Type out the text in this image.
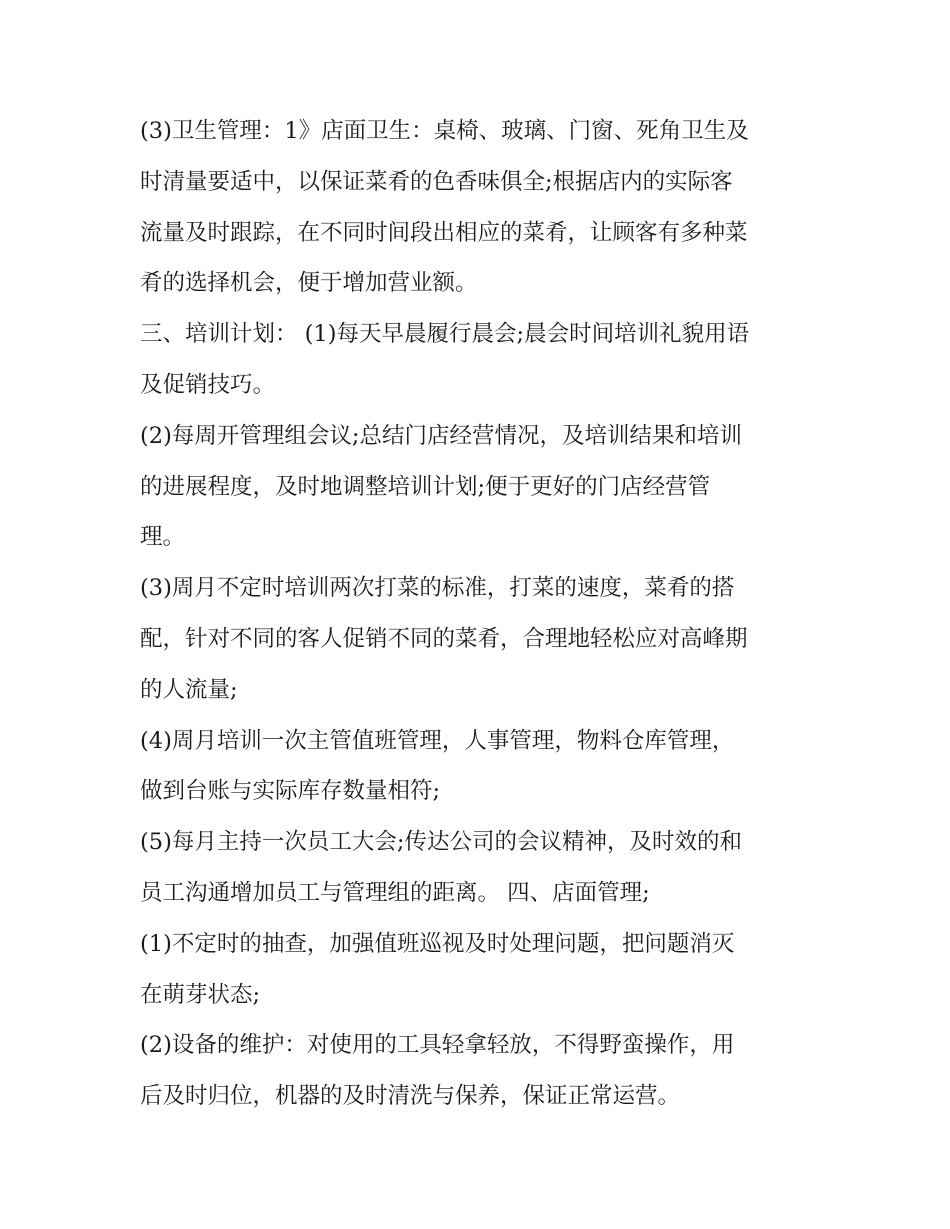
(3)卫生管理：1》店面卫生：桌椅、玻璃、门窗、死角卫生及
时清量要适中，以保证菜肴的色香味俱全;根据店内的实际客
流量及时跟踪，在不同时间段出相应的菜肴，让顾客有多种菜
肴的选择机会，便于增加营业额。
三、培训计划： (1)每天早晨履行晨会;晨会时间培训礼貌用语
及促销技巧。
(2)每周开管理组会议;总结门店经营情况，及培训结果和培训
的进展程度，及时地调整培训计划;便于更好的门店经营管
理。
(3)周月不定时培训两次打菜的标准，打菜的速度，菜肴的搭
配，针对不同的客人促销不同的菜肴，合理地轻松应对高峰期
的人流量;
(4)周月培训一次主管值班管理，人事管理，物料仓库管理，
做到台账与实际库存数量相符;
(5)每月主持一次员工大会;传达公司的会议精神，及时效的和
员工沟通增加员工与管理组的距离。 四、店面管理;
(1)不定时的抽查，加强值班巡视及时处理问题，把问题消灭
在萌芽状态;
(2)设备的维护：对使用的工具轻拿轻放，不得野蛮操作，用
后及时归位，机器的及时清洗与保养，保证正常运营。
